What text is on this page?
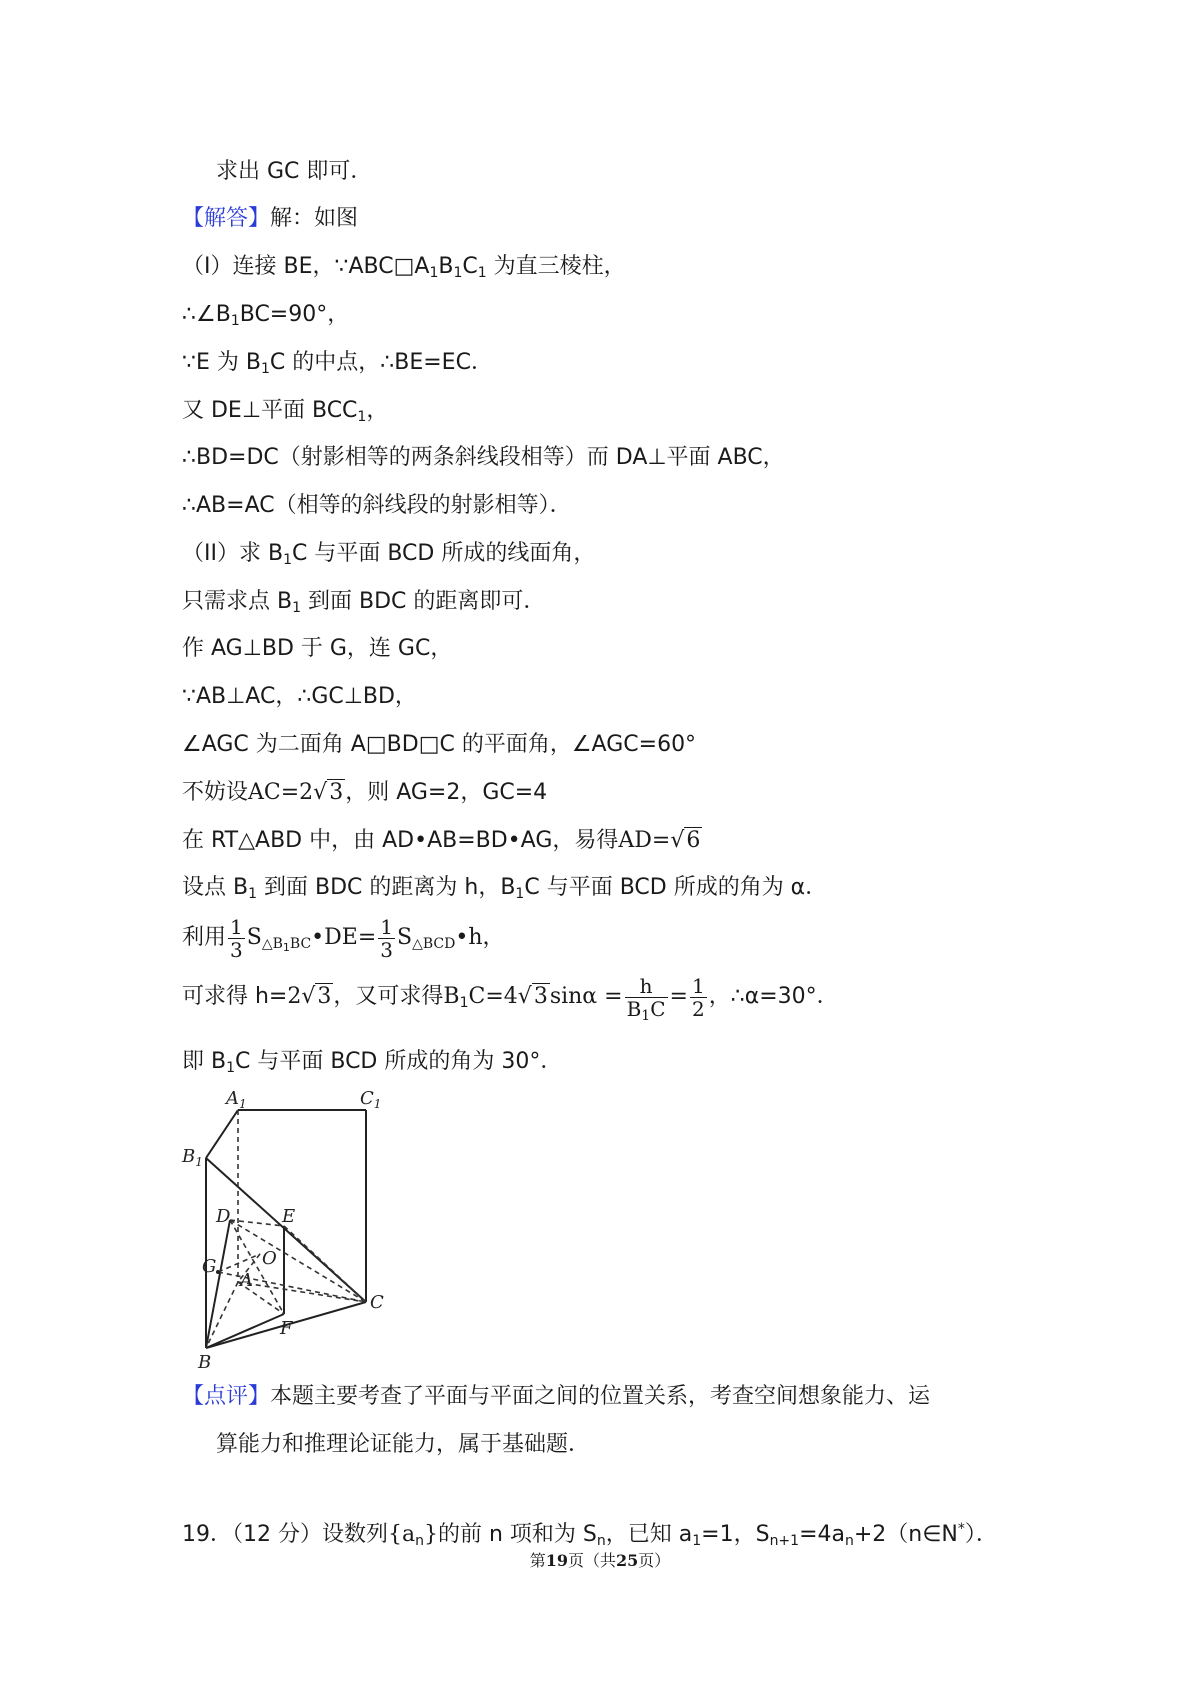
求出 GC 即可．
【解答】解：如图
（I）连接 BE，$\because ABC□A_1B_1C_1$ 为直三棱柱，
$\therefore\angle B_1BC=90^\circ$，
∵E 为 $B_1C$ 的中点，∴BE=EC．
又 DE⊥平面 $BCC_1$，
∴BD=DC（射影相等的两条斜线段相等）而 DA⊥平面 ABC，
∴AB=AC（相等的斜线段的射影相等）．
（II）求 $B_1C$ 与平面 BCD 所成的线面角，
只需求点 $B_1$ 到面 BDC 的距离即可．
作 AG⊥BD 于 G，连 GC，
∵AB⊥AC，∴GC⊥BD，
∠AGC 为二面角 A□BD□C 的平面角，∠AGC=60°
不妨设AC=2√3，则 AG=2，GC=4
在 RT△ABD 中，由 AD•AB=BD•AG，易得AD=√6
设点 $B_1$ 到面 BDC 的距离为 h，$B_1C$ 与平面 BCD 所成的角为 α．
利用 $\frac{1}{3}$ $S_{\triangle B1BC}•DE= \frac{1}{3}$ $S_{\triangle BCD}•h$，
可求得 h=2√3，又可求得$B_1C=4√3\sin\alpha = \frac{h}{B_1C} = \frac{1}{2}$ ，∴α=30°．
即 $B_1C$ 与平面 BCD 所成的角为 30°．
$A_1$	$C_1$
$B_1$
D	E
G	O
A
C
F
B
【点评】本题主要考查了平面与平面之间的位置关系，考查空间想象能力、运
算能力和推理论证能力，属于基础题．
19．（12 分）设数列$\{a_n\}$的前 n 项和为 $S_n$，已知 $a_1=1$，$S_{n+1}=4a_n+2(n\in N^*)$．
第19页（共25页）
